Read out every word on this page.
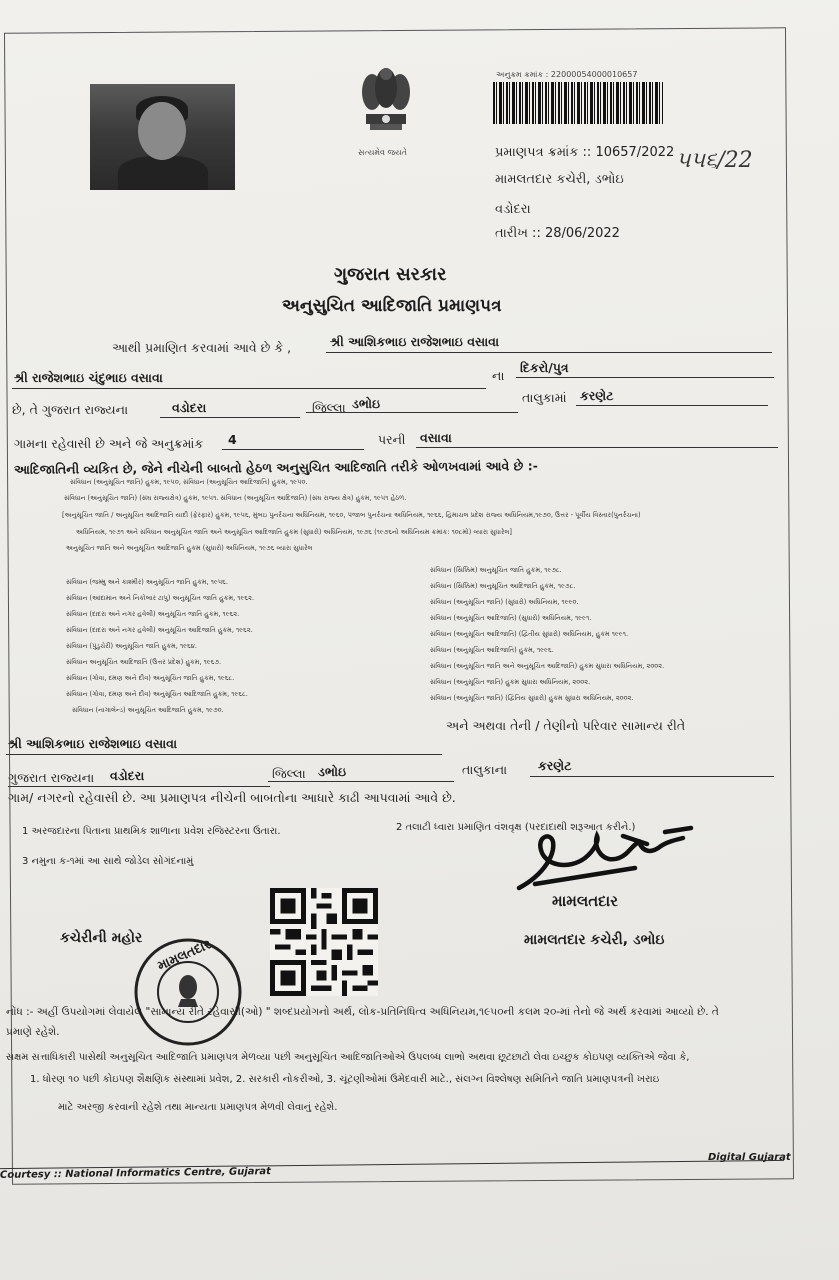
સત્યમેવ જયતે
અનુક્રમ ક્રમાંક : 22000054000010657
પ્રમાણપત્ર ક્રમાંક :: 10657/2022 ૫૫૬/22
મામલતદાર કચેરી, ડભોઇ
વડોદરા
તારીખ :: 28/06/2022
ગુજરાત સરકાર
અનુસુચિત આદિજાતિ પ્રમાણપત્ર
આથી પ્રમાણિત કરવામાં આવે છે કે ,	શ્રી આશિકભાઇ રાજેશભાઇ વસાવા
શ્રી રાજેશભાઇ ચંદુભાઇ વસાવા	ના
દિકરો/પુત્ર
છે, તે ગુજરાત રાજ્યના	વડોદરા	જિલ્લા ડભોઇ	તાલુકામાં કરણેટ
ગામના રહેવાસી છે અને જે અનુક્રમાંક 4	પરની વસાવા
આદિજાતિની વ્યકિત છે, જેને નીચેની બાબતો હેઠળ અનુસુચિત આદિજાતિ તરીકે ઓળખવામાં આવે છે :-
સંવિધાન (અનુસૂચિત જાતિ) હુકમ, ૧૯૫૦, સંવિધાન (અનુસૂચિત આદિજાતિ) હુકમ, ૧૯૫૦.
સંવિધાન (અનુસૂચિત જાતિ) (સંઘ રાજ્યક્ષેત્ર) હુકમ, ૧૯૫૧. સંવિધાન (અનુસૂચિત આદિજાતિ) (સંઘ રાજ્ય ક્ષેત્ર) હુકમ, ૧૯૫૧ હેઠળ.
[અનુસૂચિત જાતિ / અનુસૂચિત આદિજાતિ યાદી (ફેરફાર) હુકમ, ૧૯૫૬, મુંબઇ પુનર્રચના અધિનિયમ, ૧૯૬૦, પંજાબ પુનર્રચના અધિનિયમ, ૧૯૬૬, હિમાચલ પ્રદેશ રાજ્ય અધિનિયમ,૧૯૭૦, ઉત્તર - પૂર્વીય વિસ્તાર(પુનર્રચના)
અધિનિયમ, ૧૯૭૧ અને સંવિધાન અનુસૂચિત જાતિ અને અનુસૂચિત આદિજાતિ હુકમ (સુધારો) અધિનિયમ, ૧૯૭૬ (૧૯૭૬નો અધિનિયમ ક્રમાંક: ૧૦૮મો) વ્યારા સુધારેલ]
અનુસૂચિત જાતિ અને અનુસૂચિત આદિજાતિ હુકમ (સુધારો) અધિનિયમ, ૧૯૭૬ વ્યારા સુધારેલ
સંવિધાન (જમ્મુ અને કાશ્મીર) અનુસૂચિત જાતિ હુકમ, ૧૯૫૬.
સંવિધાન (આંદામાન અને નિકોબાર ટાપુ) અનુસૂચિત જાતિ હુકમ, ૧૯૬૨.
સંવિધાન (દાદરા અને નગર હવેલી) અનુસૂચિત જાતિ હુકમ, ૧૯૬૨.
સંવિધાન (દાદરા અને નગર હવેલી) અનુસૂચિત આદિજાતિ હુકમ, ૧૯૬૨.
સંવિધાન (પુંડુચેરી) અનુસૂચિત જાતિ હુકમ, ૧૯૬૪.
સંવિધાન અનુસૂચિત આદિજાતિ (ઉત્તર પ્રદેશ) હુકમ, ૧૯૬૭.
સંવિધાન (ગોવા, દમણ અને દીવ) અનુસૂચિત જાતિ હુકમ, ૧૯૬૮.
સંવિધાન (ગોવા, દમણ અને દીવ) અનુસૂચિત આદિજાતિ હુકમ, ૧૯૬૮.
સંવિધાન (નાગાલેન્ડ) અનુસૂચિત આદિજાતિ હુકમ, ૧૯૭૦.
સંવિધાન (સિક્કિમ) અનુસૂચિત જાતિ હુકમ, ૧૯૭૮.
સંવિધાન (સિક્કિમ) અનુસૂચિત આદિજાતિ હુકમ, ૧૯૭૮.
સંવિધાન (અનુસૂચિત જાતિ) (સુધારો) અધિનિયમ, ૧૯૯૦.
સંવિધાન (અનુસૂચિત આદિજાતિ) (સુધારો) અધિનિયમ, ૧૯૯૧.
સંવિધાન (અનુસૂચિત આદિજાતિ) (દ્વિતીય સુધારો) અધિનિયમ, હુકમ ૧૯૯૧.
સંવિધાન (અનુસૂચિત આદિજાતિ) હુકમ, ૧૯૯૬.
સંવિધાન (અનુસૂચિત જાતિ અને અનુસૂચિત આદિજાતિ) હુકમ સુધારા અધિનિયમ, ૨૦૦૨.
સંવિધાન (અનુસૂચિત જાતિ) હુકમ સુધારા અધિનિયમ, ૨૦૦૨.
સંવિધાન (અનુસૂચિત જાતિ) (દ્વિતિય સુધારો) હુકમ સુધારા અધિનિયમ, ૨૦૦૨.
શ્રી આશિકભાઇ રાજેશભાઇ વસાવા
અને અથવા તેની / તેણીનો પરિવાર સામાન્ય રીતે
ગુજરાત રાજ્યના વડોદરા	જિલ્લા ડભોઇ	તાલુકાના કરણેટ
ગામ/ નગરનો રહેવાસી છે. આ પ્રમાણપત્ર નીચેની બાબતોના આધારે કાઢી આપવામાં આવે છે.
1 અરજદારના પિતાના પ્રાથમિક શાળાના પ્રવેશ રજિસ્ટરના ઉતારા.	2 તલાટી ધ્વારા પ્રમાણિત વંશવૃક્ષ (પરદાદાથી શરૂઆત કરીને.)
3 નમુના ક-૧માં આ સાથે જોડેલ સોગંદનામું
મામલતદાર
મામલતદાર કચેરી, ડભોઇ
કચેરીની મહોર મામલતદાર
નોંધ :- અહીં ઉપયોગમાં લેવાયેલ "સામાન્ય રીતે રહેવાસી(ઓ) " શબ્દપ્રયોગનો અર્થ, લોક-પ્રતિનિધિત્વ અધિનિયમ,૧૯૫૦ની કલમ ૨૦-માં તેનો જે અર્થ કરવામાં આવ્યો છે. તે
પ્રમાણે રહેશે.
સક્ષમ સત્તાધિકારી પાસેથી અનુસૂચિત આદિજાતિ પ્રમાણપત્ર મેળવ્યા પછી અનુસૂચિત આદિજાતિઓએ ઉપલબ્ધ લાભો અથવા છૂટછાટો લેવા ઇચ્છુક કોઇપણ વ્યક્તિએ જેવા કે,
1. ધોરણ ૧૦ પછી કોઇપણ શૈક્ષણિક સંસ્થામાં પ્રવેશ, 2. સરકારી નોકરીઓ, 3. ચૂંટણીઓમાં ઉમેદવારી માટે., સંલગ્ન વિશ્લેષણ સમિતિને જાતિ પ્રમાણપત્રની ખરાઇ
માટે અરજી કરવાની રહેશે તથા માન્યતા પ્રમાણપત્ર મેળવી લેવાનું રહેશે.
Courtesy :: National Informatics Centre, Gujarat
Digital Gujarat
